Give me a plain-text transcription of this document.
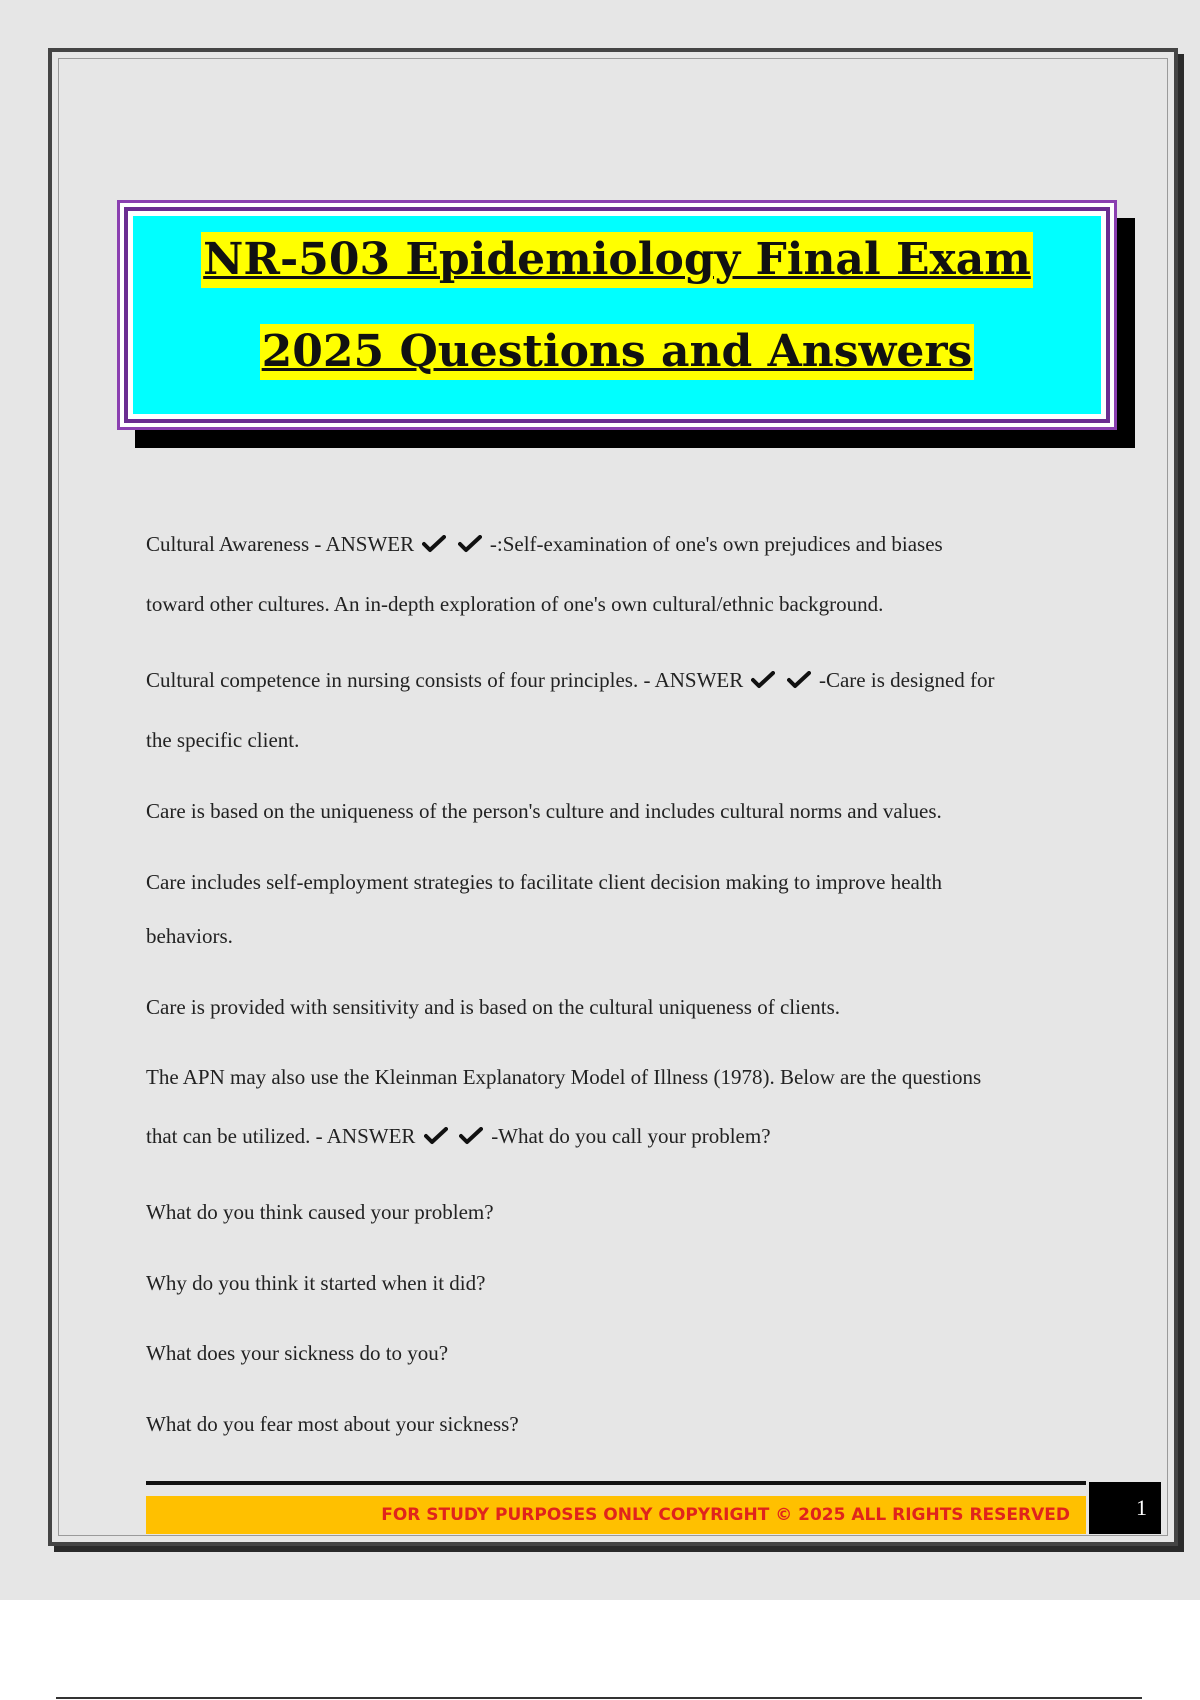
NR-503 Epidemiology Final Exam
2025 Questions and Answers
Cultural Awareness - ANSWER
	-:Self-examination of one's own prejudices and biases
toward other cultures. An in-depth exploration of one's own cultural/ethnic background.
Cultural competence in nursing consists of four principles. - ANSWER
	-Care is designed for
the specific client.
Care is based on the uniqueness of the person's culture and includes cultural norms and values.
Care includes self-employment strategies to facilitate client decision making to improve health
behaviors.
Care is provided with sensitivity and is based on the cultural uniqueness of clients.
The APN may also use the Kleinman Explanatory Model of Illness (1978). Below are the questions
that can be utilized. - ANSWER
	-What do you call your problem?
What do you think caused your problem?
Why do you think it started when it did?
What does your sickness do to you?
What do you fear most about your sickness?
FOR STUDY PURPOSES ONLY COPYRIGHT © 2025 ALL RIGHTS RESERVED	1
